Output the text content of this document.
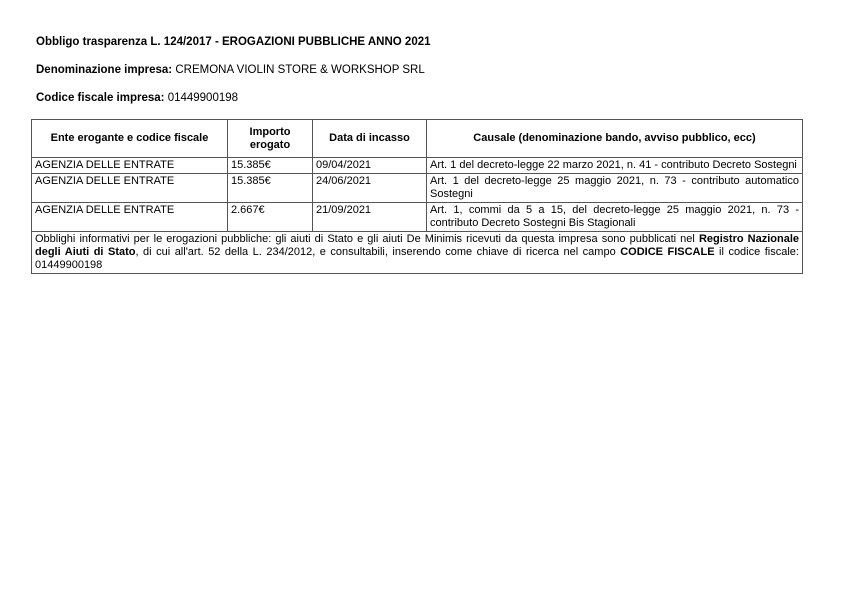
Obbligo trasparenza L. 124/2017 - EROGAZIONI PUBBLICHE ANNO 2021
Denominazione impresa: CREMONA VIOLIN STORE & WORKSHOP SRL
Codice fiscale impresa: 01449900198
Ente erogante e codice fiscale	Importo erogato	Data di incasso	Causale (denominazione bando, avviso pubblico, ecc)
AGENZIA DELLE ENTRATE	15.385€	09/04/2021	Art. 1 del decreto-legge 22 marzo 2021, n. 41 - contributo Decreto Sostegni
AGENZIA DELLE ENTRATE	15.385€	24/06/2021	Art. 1 del decreto-legge 25 maggio 2021, n. 73 - contributo automatico Sostegni
AGENZIA DELLE ENTRATE	2.667€	21/09/2021	Art. 1, commi da 5 a 15, del decreto-legge 25 maggio 2021, n. 73 - contributo Decreto Sostegni Bis Stagionali
Obblighi informativi per le erogazioni pubbliche: gli aiuti di Stato e gli aiuti De Minimis ricevuti da questa impresa sono pubblicati nel Registro Nazionale degli Aiuti di Stato, di cui all'art. 52 della L. 234/2012, e consultabili, inserendo come chiave di ricerca nel campo CODICE FISCALE il codice fiscale: 01449900198			
